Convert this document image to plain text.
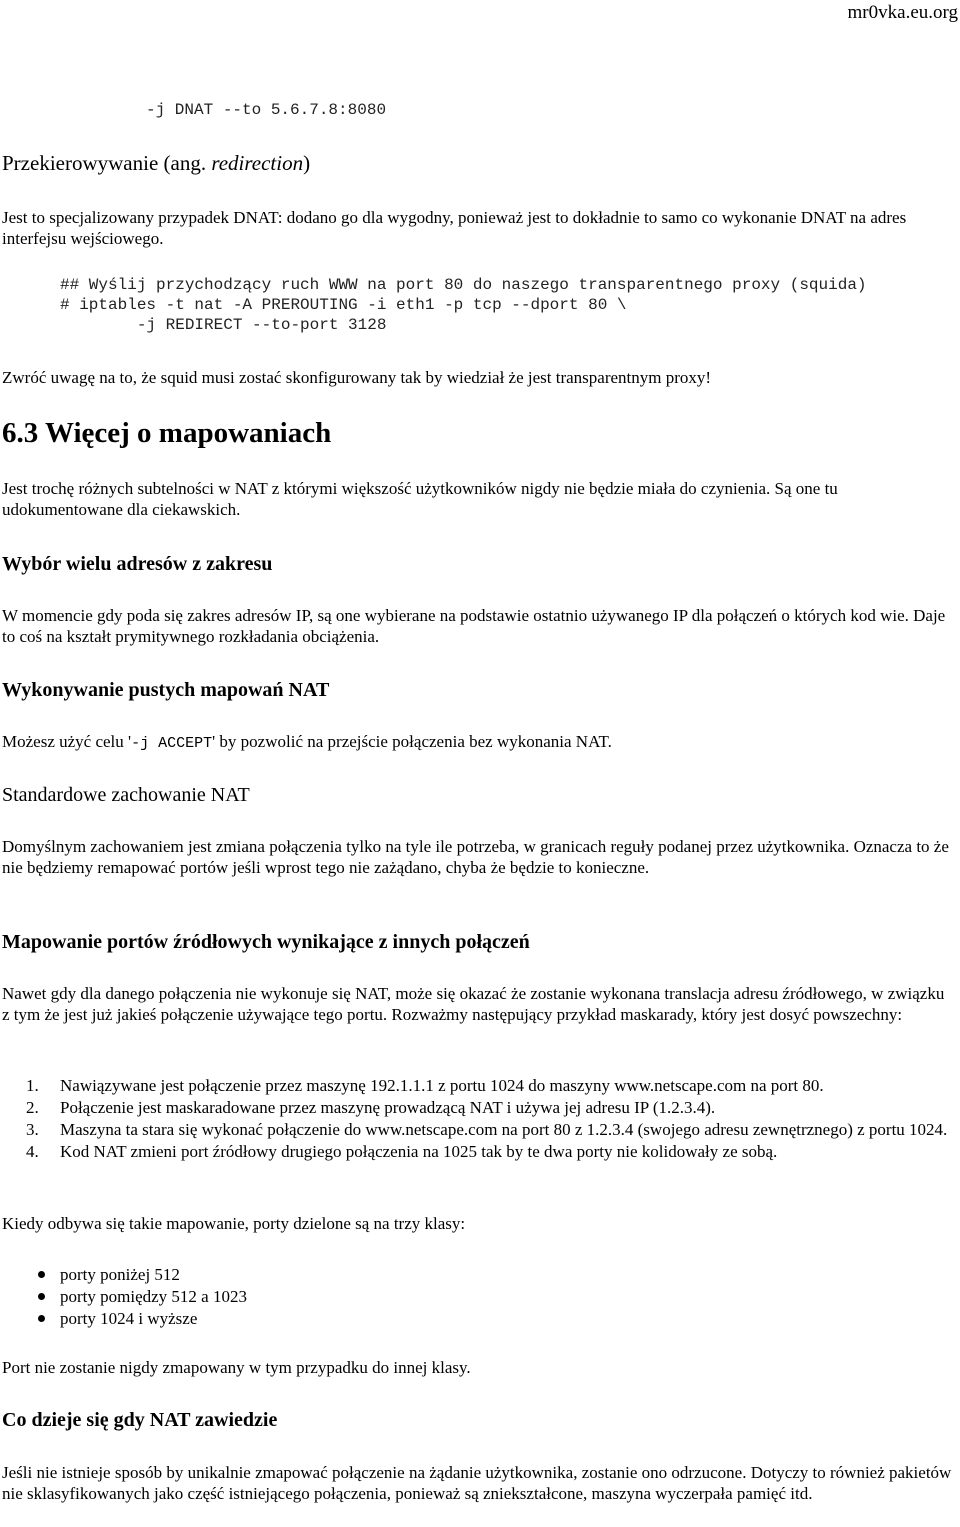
mr0vka.eu.org
-j DNAT --to 5.6.7.8:8080
Przekierowywanie (ang. redirection)

Jest to specjalizowany przypadek DNAT: dodano go dla wygodny, ponieważ jest to dokładnie to samo co wykonanie DNAT na adres interfejsu wejściowego.

## Wyślij przychodzący ruch WWW na port 80 do naszego transparentnego proxy (squida)
# iptables -t nat -A PREROUTING -i eth1 -p tcp --dport 80 \
-j REDIRECT --to-port 3128

Zwróć uwagę na to, że squid musi zostać skonfigurowany tak by wiedział że jest transparentnym proxy!

6.3 Więcej o mapowaniach

Jest trochę różnych subtelności w NAT z którymi większość użytkowników nigdy nie będzie miała do czynienia. Są one tu udokumentowane dla ciekawskich.

Wybór wielu adresów z zakresu

W momencie gdy poda się zakres adresów IP, są one wybierane na podstawie ostatnio używanego IP dla połączeń o których kod wie. Daje to coś na kształt prymitywnego rozkładania obciążenia.

Wykonywanie pustych mapowań NAT

Możesz użyć celu '-j ACCEPT' by pozwolić na przejście połączenia bez wykonania NAT.

Standardowe zachowanie NAT

Domyślnym zachowaniem jest zmiana połączenia tylko na tyle ile potrzeba, w granicach reguły podanej przez użytkownika. Oznacza to że nie będziemy remapować portów jeśli wprost tego nie zażądano, chyba że będzie to konieczne.

Mapowanie portów źródłowych wynikające z innych połączeń

Nawet gdy dla danego połączenia nie wykonuje się NAT, może się okazać że zostanie wykonana translacja adresu źródłowego, w związku z tym że jest już jakieś połączenie używające tego portu. Rozważmy następujący przykład maskarady, który jest dosyć powszechny:

1. Nawiązywane jest połączenie przez maszynę 192.1.1.1 z portu 1024 do maszyny www.netscape.com na port 80.
2. Połączenie jest maskaradowane przez maszynę prowadzącą NAT i używa jej adresu IP (1.2.3.4).
3. Maszyna ta stara się wykonać połączenie do www.netscape.com na port 80 z 1.2.3.4 (swojego adresu zewnętrznego) z portu 1024.
4. Kod NAT zmieni port źródłowy drugiego połączenia na 1025 tak by te dwa porty nie kolidowały ze sobą.

Kiedy odbywa się takie mapowanie, porty dzielone są na trzy klasy:

porty poniżej 512
porty pomiędzy 512 a 1023
porty 1024 i wyższe

Port nie zostanie nigdy zmapowany w tym przypadku do innej klasy.

Co dzieje się gdy NAT zawiedzie

Jeśli nie istnieje sposób by unikalnie zmapować połączenie na żądanie użytkownika, zostanie ono odrzucone. Dotyczy to również pakietów nie sklasyfikowanych jako część istniejącego połączenia, ponieważ są zniekształcone, maszyna wyczerpała pamięć itd.
